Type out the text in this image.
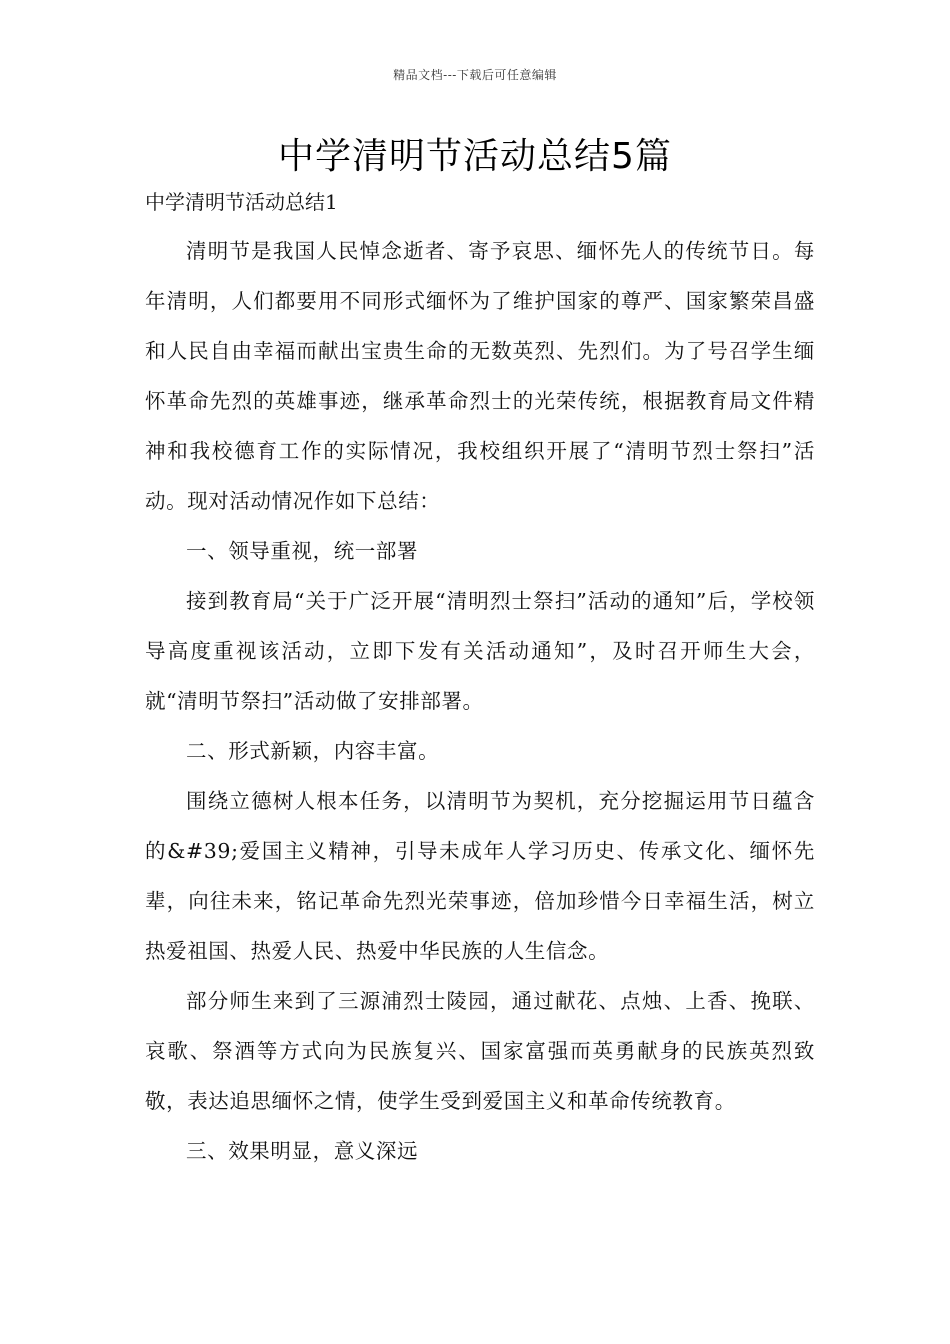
精品文档---下载后可任意编辑
中学清明节活动总结5篇

中学清明节活动总结1

清明节是我国人民悼念逝者、寄予哀思、缅怀先人的传统节日。每年清明，人们都要用不同形式缅怀为了维护国家的尊严、国家繁荣昌盛和人民自由幸福而献出宝贵生命的无数英烈、先烈们。为了号召学生缅怀革命先烈的英雄事迹，继承革命烈士的光荣传统，根据教育局文件精神和我校德育工作的实际情况，我校组织开展了“清明节烈士祭扫”活动。现对活动情况作如下总结：

一、领导重视，统一部署

接到教育局“关于广泛开展“清明烈士祭扫”活动的通知”后，学校领导高度重视该活动，立即下发有关活动通知”，及时召开师生大会，就“清明节祭扫”活动做了安排部署。

二、形式新颖，内容丰富。

围绕立德树人根本任务，以清明节为契机，充分挖掘运用节日蕴含的&#39;爱国主义精神，引导未成年人学习历史、传承文化、缅怀先辈，向往未来，铭记革命先烈光荣事迹，倍加珍惜今日幸福生活，树立热爱祖国、热爱人民、热爱中华民族的人生信念。

部分师生来到了三源浦烈士陵园，通过献花、点烛、上香、挽联、哀歌、祭酒等方式向为民族复兴、国家富强而英勇献身的民族英烈致敬，表达追思缅怀之情，使学生受到爱国主义和革命传统教育。

三、效果明显，意义深远
